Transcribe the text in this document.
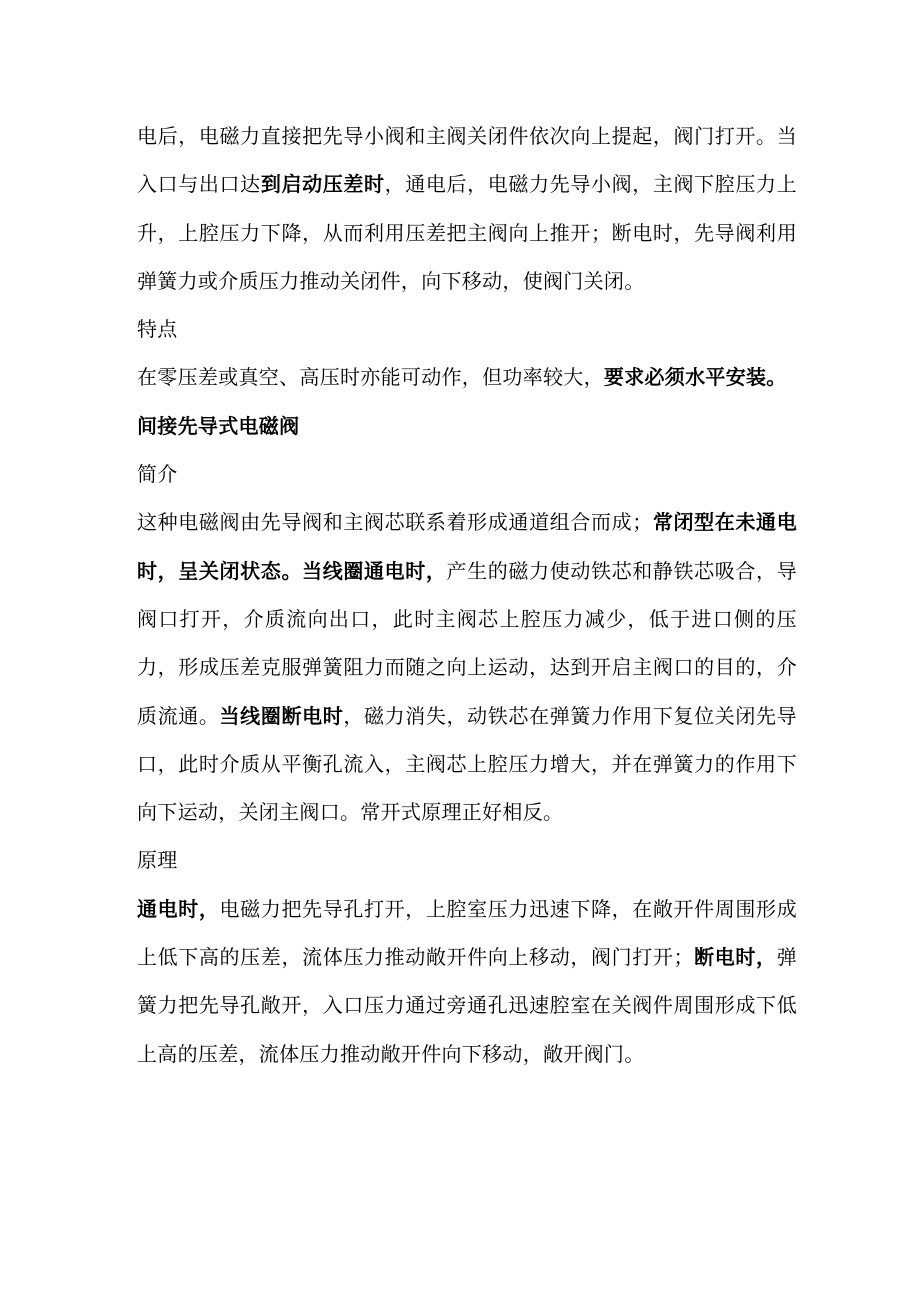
电后，电磁力直接把先导小阀和主阀关闭件依次向上提起，阀门打开。当入口与出口达到启动压差时，通电后，电磁力先导小阀，主阀下腔压力上升，上腔压力下降，从而利用压差把主阀向上推开；断电时，先导阀利用弹簧力或介质压力推动关闭件，向下移动，使阀门关闭。

特点

在零压差或真空、高压时亦能可动作，但功率较大，要求必须水平安装。

间接先导式电磁阀

简介

这种电磁阀由先导阀和主阀芯联系着形成通道组合而成；常闭型在未通电时，呈关闭状态。当线圈通电时，产生的磁力使动铁芯和静铁芯吸合，导阀口打开，介质流向出口，此时主阀芯上腔压力减少，低于进口侧的压力，形成压差克服弹簧阻力而随之向上运动，达到开启主阀口的目的，介质流通。当线圈断电时，磁力消失，动铁芯在弹簧力作用下复位关闭先导口，此时介质从平衡孔流入，主阀芯上腔压力增大，并在弹簧力的作用下向下运动，关闭主阀口。常开式原理正好相反。

原理

通电时，电磁力把先导孔打开，上腔室压力迅速下降，在敞开件周围形成上低下高的压差，流体压力推动敞开件向上移动，阀门打开；断电时，弹簧力把先导孔敞开，入口压力通过旁通孔迅速腔室在关阀件周围形成下低上高的压差，流体压力推动敞开件向下移动，敞开阀门。
